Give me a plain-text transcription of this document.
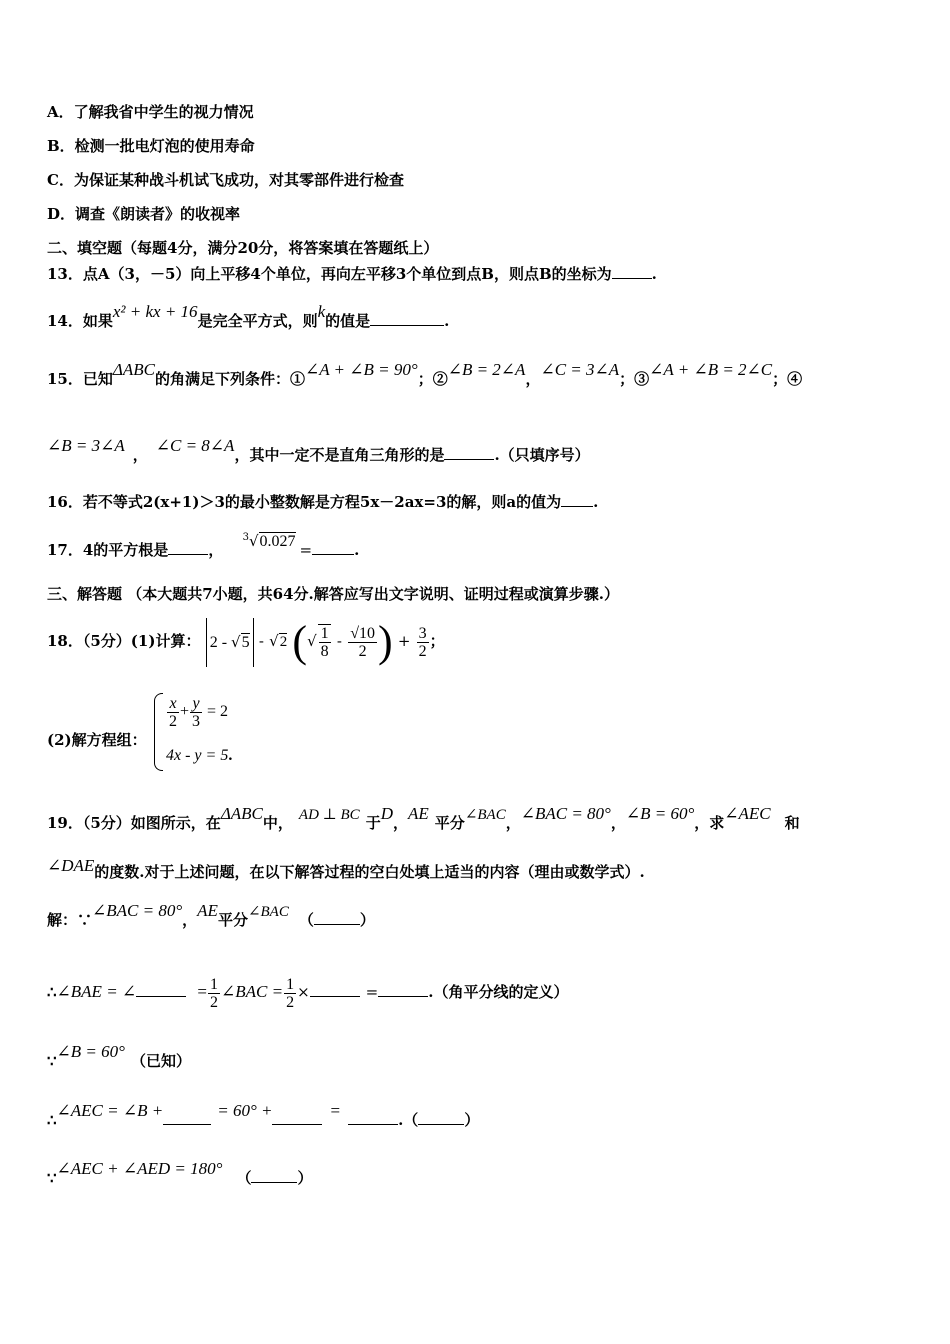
A．了解我省中学生的视力情况
B．检测一批电灯泡的使用寿命
C．为保证某种战斗机试飞成功，对其零部件进行检查
D．调查《朗读者》的收视率
二、填空题（每题4分，满分20分，将答案填在答题纸上）
13．点A（3，－5）向上平移4个单位，再向左平移3个单位到点B，则点B的坐标为	.
14．如果x² + kx + 16是完全平方式，则k的值是	.
15．已知ΔABC的角满足下列条件：①∠A + ∠B = 90°；②∠B = 2∠A，∠C = 3∠A；③∠A + ∠B = 2∠C；④
∠B = 3∠A ， ∠C = 8∠A，其中一定不是直角三角形的是	.（只填序号）
16．若不等式2(x+1)＞3的最小整数解是方程5x－2ax=3的解，则a的值为 .
17．4的平方根是	， $^3$√0.027 =	.
三、解答题 （本大题共7小题，共64分.解答应写出文字说明、证明过程或演算步骤.）
18．（5分）(1)计算： 2 - √5 - √2 (√ $\frac{1}{8} - \frac{√10}{2}$ ) + $\frac{3}{2}$ ；
(2)解方程组：
$\frac{x}{2} + \frac{y}{3} = 2$
4x - y = 5.
19．（5分）如图所示，在ΔABC中， AD ⊥ BC 于D，AE 平分∠BAC，∠BAC = 80°，∠B = 60°，求∠AEC 和
∠DAE的度数.对于上述问题，在以下解答过程的空白处填上适当的内容（理由或数学式）.
解：∵∠BAC = 80°，AE平分∠BAC （	）
∴∠BAE = ∠	= $\frac{1}{2}$ ∠BAC = $\frac{1}{2}$ ×	=	.（角平分线的定义）
∵∠B = 60° （已知）
∴∠AEC = ∠B +	= 60° +	=	.（	）
∵∠AEC + ∠AED = 180° （	）
